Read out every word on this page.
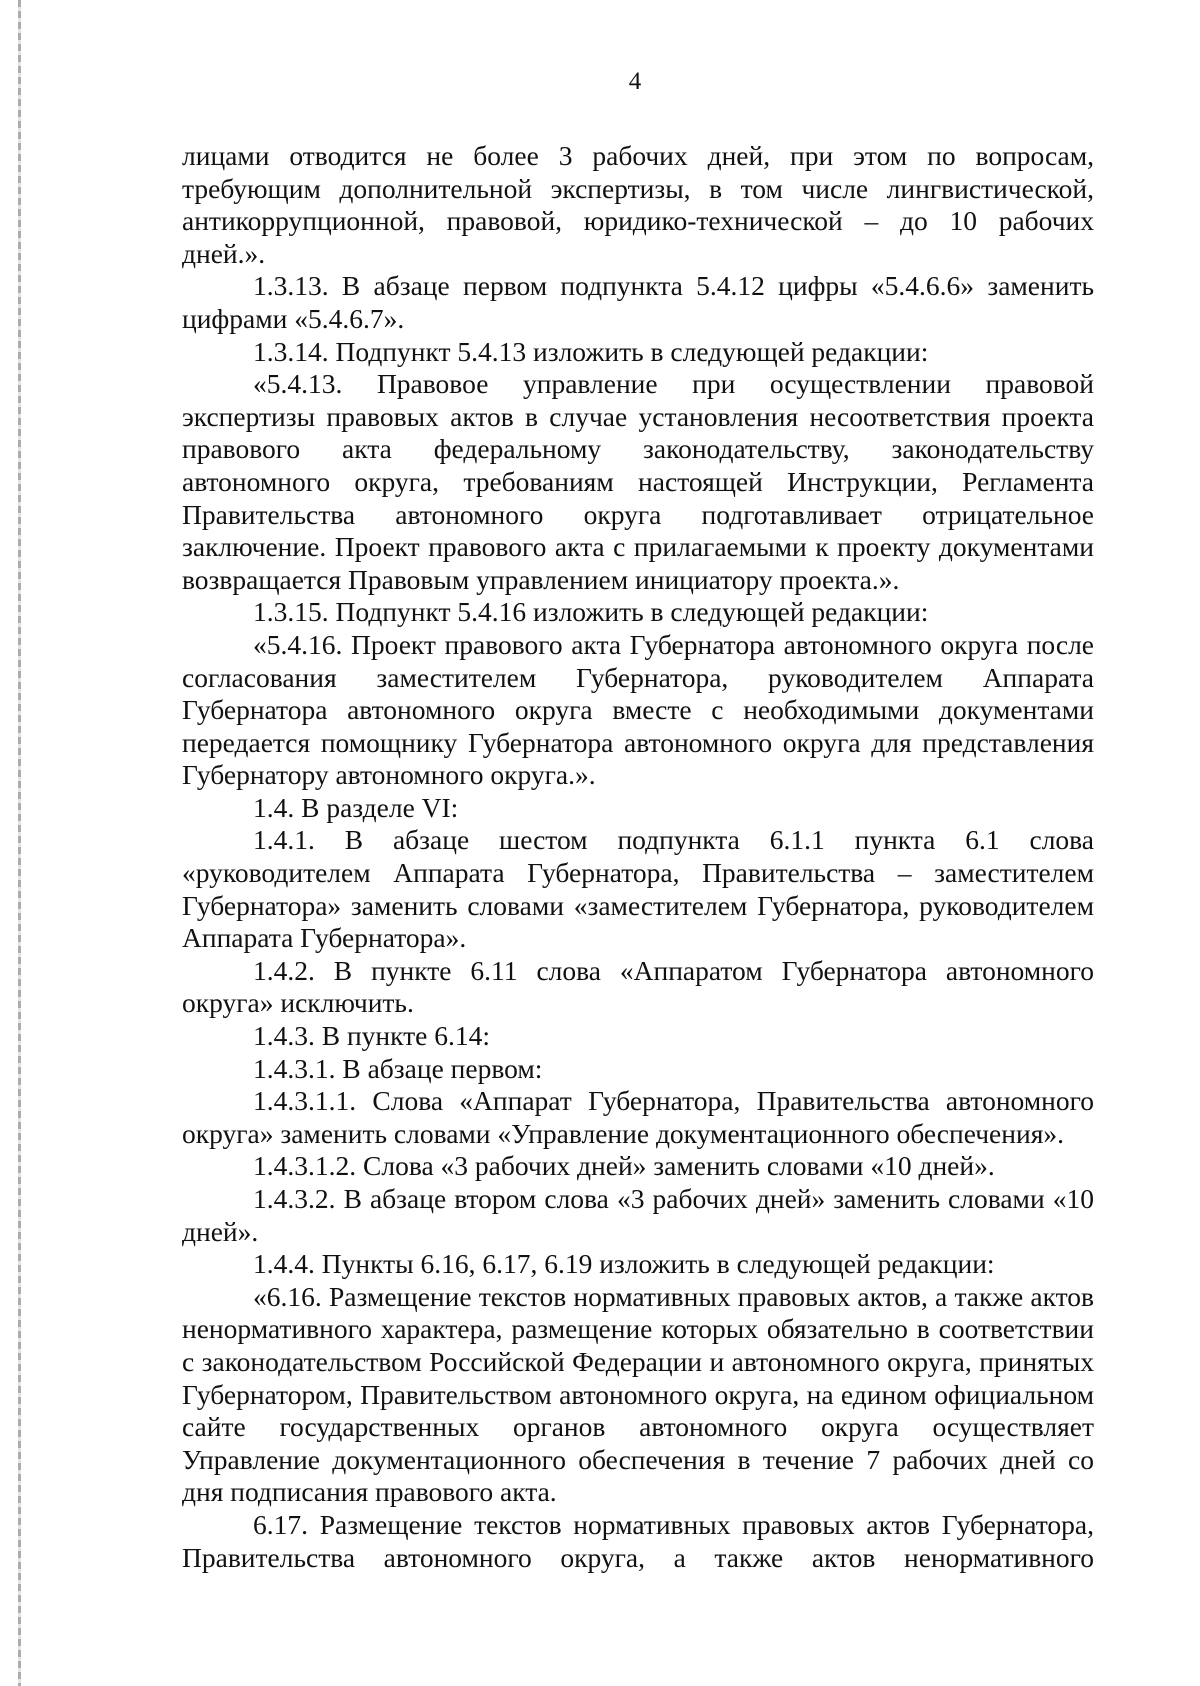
4

лицами отводится не более 3 рабочих дней, при этом по вопросам, требующим дополнительной экспертизы, в том числе лингвистической, антикоррупционной, правовой, юридико-технической – до 10 рабочих дней.».

1.3.13. В абзаце первом подпункта 5.4.12 цифры «5.4.6.6» заменить цифрами «5.4.6.7».

1.3.14. Подпункт 5.4.13 изложить в следующей редакции:

«5.4.13. Правовое управление при осуществлении правовой экспертизы правовых актов в случае установления несоответствия проекта правового акта федеральному законодательству, законодательству автономного округа, требованиям настоящей Инструкции, Регламента Правительства автономного округа подготавливает отрицательное заключение. Проект правового акта с прилагаемыми к проекту документами возвращается Правовым управлением инициатору проекта.».

1.3.15. Подпункт 5.4.16 изложить в следующей редакции:

«5.4.16. Проект правового акта Губернатора автономного округа после согласования заместителем Губернатора, руководителем Аппарата Губернатора автономного округа вместе с необходимыми документами передается помощнику Губернатора автономного округа для представления Губернатору автономного округа.».

1.4. В разделе VI:

1.4.1. В абзаце шестом подпункта 6.1.1 пункта 6.1 слова «руководителем Аппарата Губернатора, Правительства – заместителем Губернатора» заменить словами «заместителем Губернатора, руководителем Аппарата Губернатора».

1.4.2. В пункте 6.11 слова «Аппаратом Губернатора автономного округа» исключить.

1.4.3. В пункте 6.14:

1.4.3.1. В абзаце первом:

1.4.3.1.1. Слова «Аппарат Губернатора, Правительства автономного округа» заменить словами «Управление документационного обеспечения».

1.4.3.1.2. Слова «3 рабочих дней» заменить словами «10 дней».

1.4.3.2. В абзаце втором слова «3 рабочих дней» заменить словами «10 дней».

1.4.4. Пункты 6.16, 6.17, 6.19 изложить в следующей редакции:

«6.16. Размещение текстов нормативных правовых актов, а также актов ненормативного характера, размещение которых обязательно в соответствии с законодательством Российской Федерации и автономного округа, принятых Губернатором, Правительством автономного округа, на едином официальном сайте государственных органов автономного округа осуществляет Управление документационного обеспечения в течение 7 рабочих дней со дня подписания правового акта.

6.17. Размещение текстов нормативных правовых актов Губернатора, Правительства автономного округа, а также актов ненормативного
